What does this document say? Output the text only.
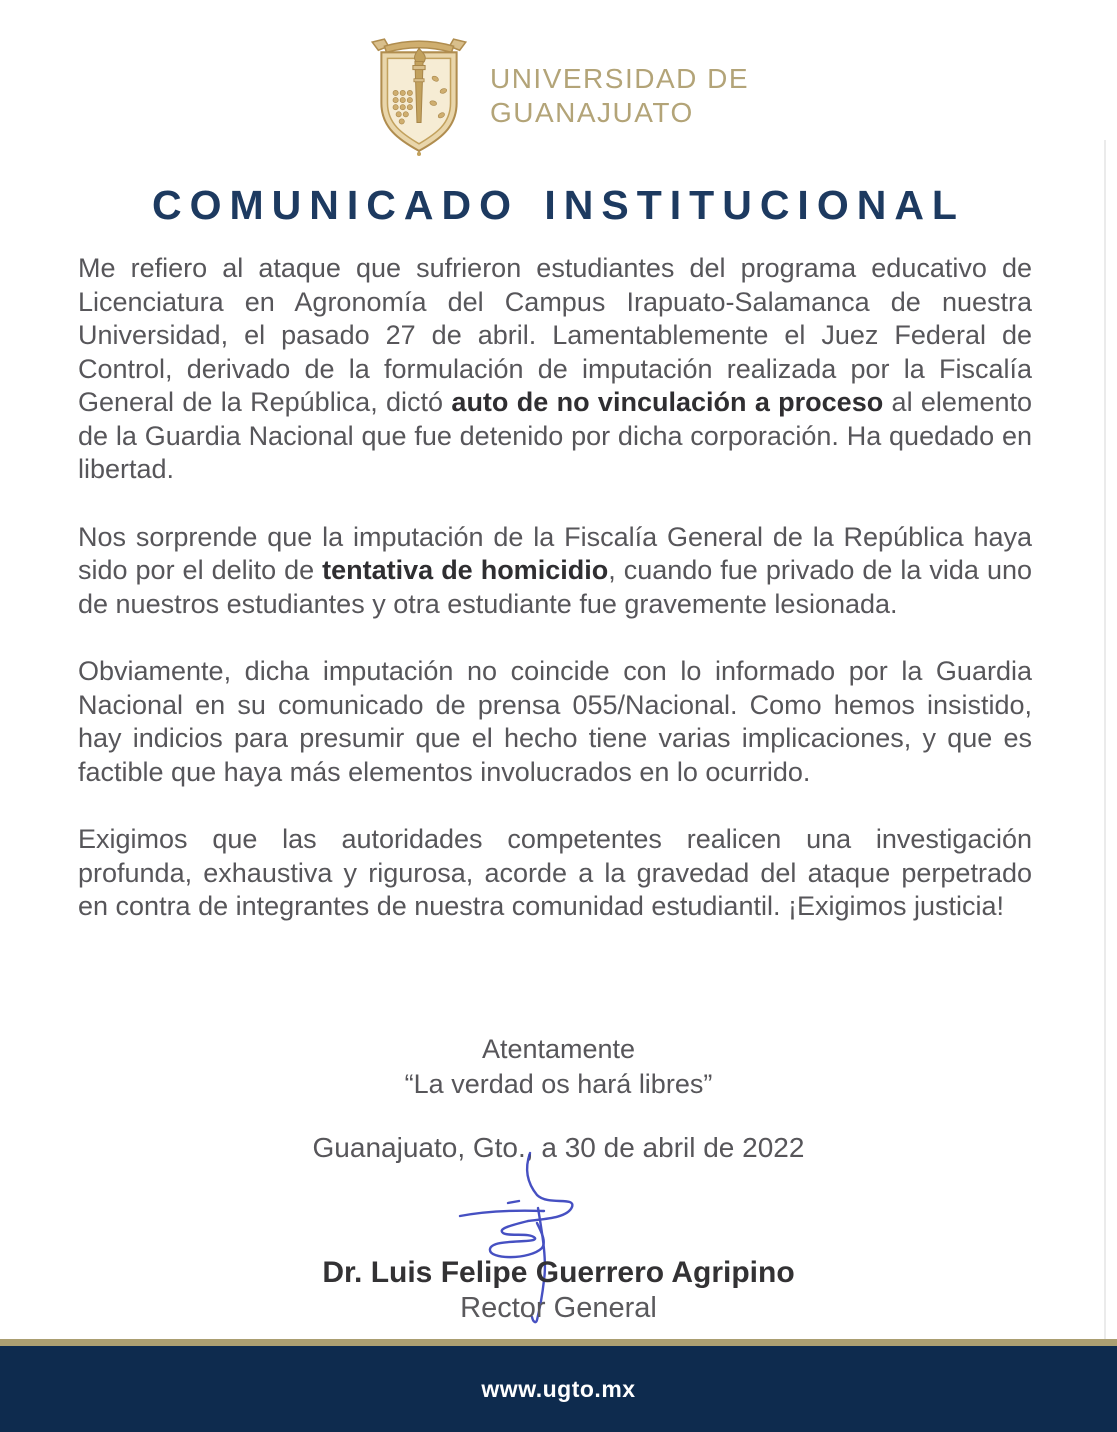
UNIVERSIDAD DE
GUANAJUATO
COMUNICADO INSTITUCIONAL

Me refiero al ataque que sufrieron estudiantes del programa educativo de Licenciatura en Agronomía del Campus Irapuato-Salamanca de nuestra Universidad, el pasado 27 de abril. Lamentablemente el Juez Federal de Control, derivado de la formulación de imputación realizada por la Fiscalía General de la República, dictó auto de no vinculación a proceso al elemento de la Guardia Nacional que fue detenido por dicha corporación. Ha quedado en libertad.

Nos sorprende que la imputación de la Fiscalía General de la República haya sido por el delito de tentativa de homicidio, cuando fue privado de la vida uno de nuestros estudiantes y otra estudiante fue gravemente lesionada.

Obviamente, dicha imputación no coincide con lo informado por la Guardia Nacional en su comunicado de prensa 055/Nacional. Como hemos insistido, hay indicios para presumir que el hecho tiene varias implicaciones, y que es factible que haya más elementos involucrados en lo ocurrido.

Exigimos que las autoridades competentes realicen una investigación profunda, exhaustiva y rigurosa, acorde a la gravedad del ataque perpetrado en contra de integrantes de nuestra comunidad estudiantil. ¡Exigimos justicia!

Atentamente
“La verdad os hará libres”
Guanajuato, Gto., a 30 de abril de 2022
Dr. Luis Felipe Guerrero Agripino
Rector General
www.ugto.mx
